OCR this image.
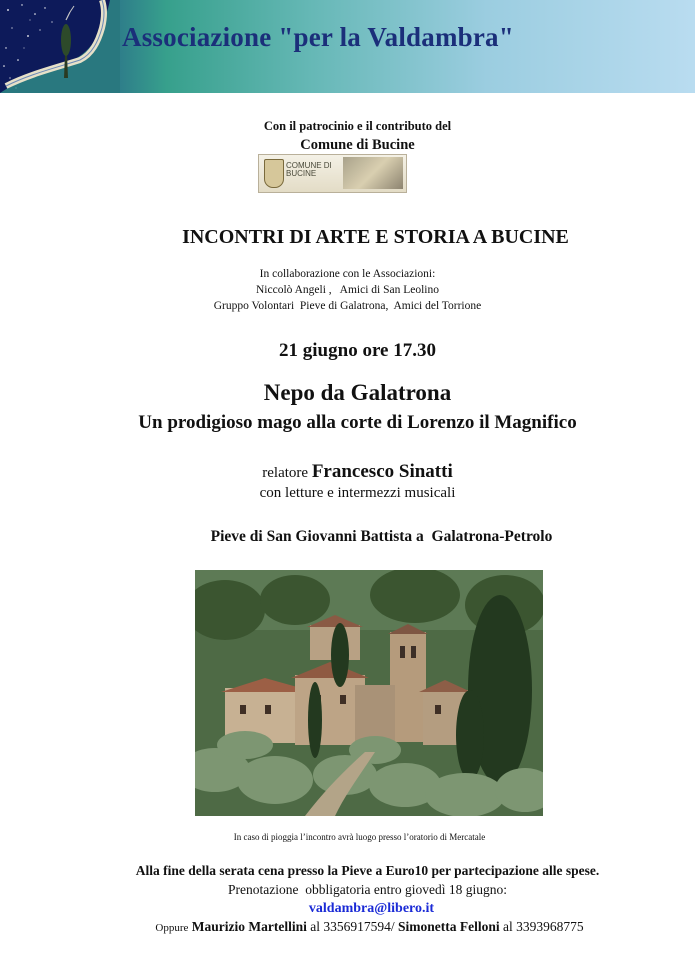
Associazione "per la Valdambra"
Con il patrocinio e il contributo del
Comune di Bucine
COMUNE DI
BUCINE
INCONTRI DI ARTE E STORIA A BUCINE
In collaborazione con le Associazioni:
Niccolò Angeli ,   Amici di San Leolino
Gruppo Volontari  Pieve di Galatrona,  Amici del Torrione
21 giugno ore 17.30
Nepo da Galatrona
Un prodigioso mago alla corte di Lorenzo il Magnifico
relatore Francesco Sinatti
con letture e intermezzi musicali
Pieve di San Giovanni Battista a  Galatrona-Petrolo
In caso di pioggia l’incontro avrà luogo presso l’oratorio di Mercatale
Alla fine della serata cena presso la Pieve a Euro10 per partecipazione alle spese.
Prenotazione  obbligatoria entro giovedì 18 giugno:
valdambra@libero.it
Oppure Maurizio Martellini al 3356917594/ Simonetta Felloni al 3393968775
